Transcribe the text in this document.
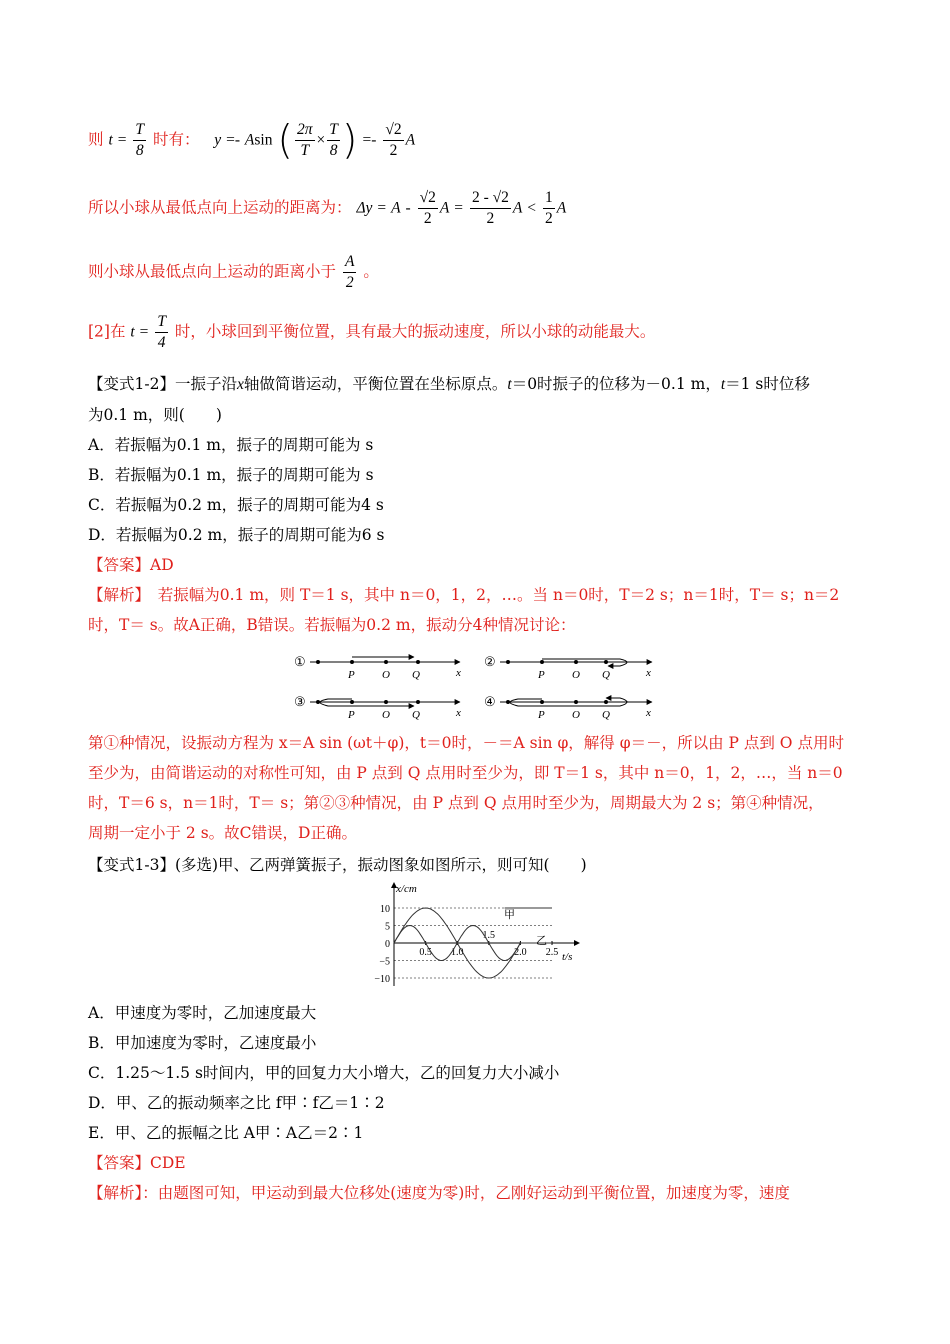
则 $t = \frac{T}{8}$ 时有： y =- Asin ( $\frac{2\pi}{T} \times \frac{T}{8}$ ) =- $\frac{√2}{2}$ A
所以小球从最低点向上运动的距离为： $\Delta y = A - \frac{√2}{2}$ $A = \frac{2 - √2}{2}$ $A < \frac{1}{2}$ A
则小球从最低点向上运动的距离小于 $\frac{A}{2}$ 。
[2]在 $t = \frac{T}{4}$ 时，小球回到平衡位置，具有最大的振动速度，所以小球的动能最大。
【变式1-2】一振子沿x轴做简谐运动，平衡位置在坐标原点。t＝0时振子的位移为－0.1 m，t＝1 s时位移
为0.1 m，则(　　)
A．若振幅为0.1 m，振子的周期可能为 s
B．若振幅为0.1 m，振子的周期可能为 s
C．若振幅为0.2 m，振子的周期可能为4 s
D．若振幅为0.2 m，振子的周期可能为6 s
【答案】AD
【解析】　若振幅为0.1 m，则 T＝1 s，其中 n＝0，1，2，…。当 n＝0时，T＝2 s；n＝1时，T＝ s；n＝2
时，T＝ s。故A正确，B错误。若振幅为0.2 m，振动分4种情况讨论：
①
P O Q	x
②
P O Q	x
③
P O Q	x
④
P O Q	x
第①种情况，设振动方程为 x＝A sin (ωt＋φ)，t＝0时，－＝A sin φ，解得 φ＝－，所以由 P 点到 O 点用时
至少为，由简谐运动的对称性可知，由 P 点到 Q 点用时至少为，即 T＝1 s，其中 n＝0，1，2，…，当 n＝0
时，T＝6 s，n＝1时，T＝ s；第②③种情况，由 P 点到 Q 点用时至少为，周期最大为 2 s；第④种情况，
周期一定小于 2 s。故C错误，D正确。
【变式1-3】(多选)甲、乙两弹簧振子，振动图象如图所示，则可知(　　)
10
5
0
−5
−10
0.5 1.0
1.5
2.0 2.5
x/cm
t/s
甲
乙
A．甲速度为零时，乙加速度最大
B．甲加速度为零时，乙速度最小
C．1.25～1.5 s时间内，甲的回复力大小增大，乙的回复力大小减小
D．甲、乙的振动频率之比 f甲∶f乙＝1∶2
E．甲、乙的振幅之比 A甲∶A乙＝2∶1
【答案】CDE
【解析】：由题图可知，甲运动到最大位移处(速度为零)时，乙刚好运动到平衡位置，加速度为零，速度
